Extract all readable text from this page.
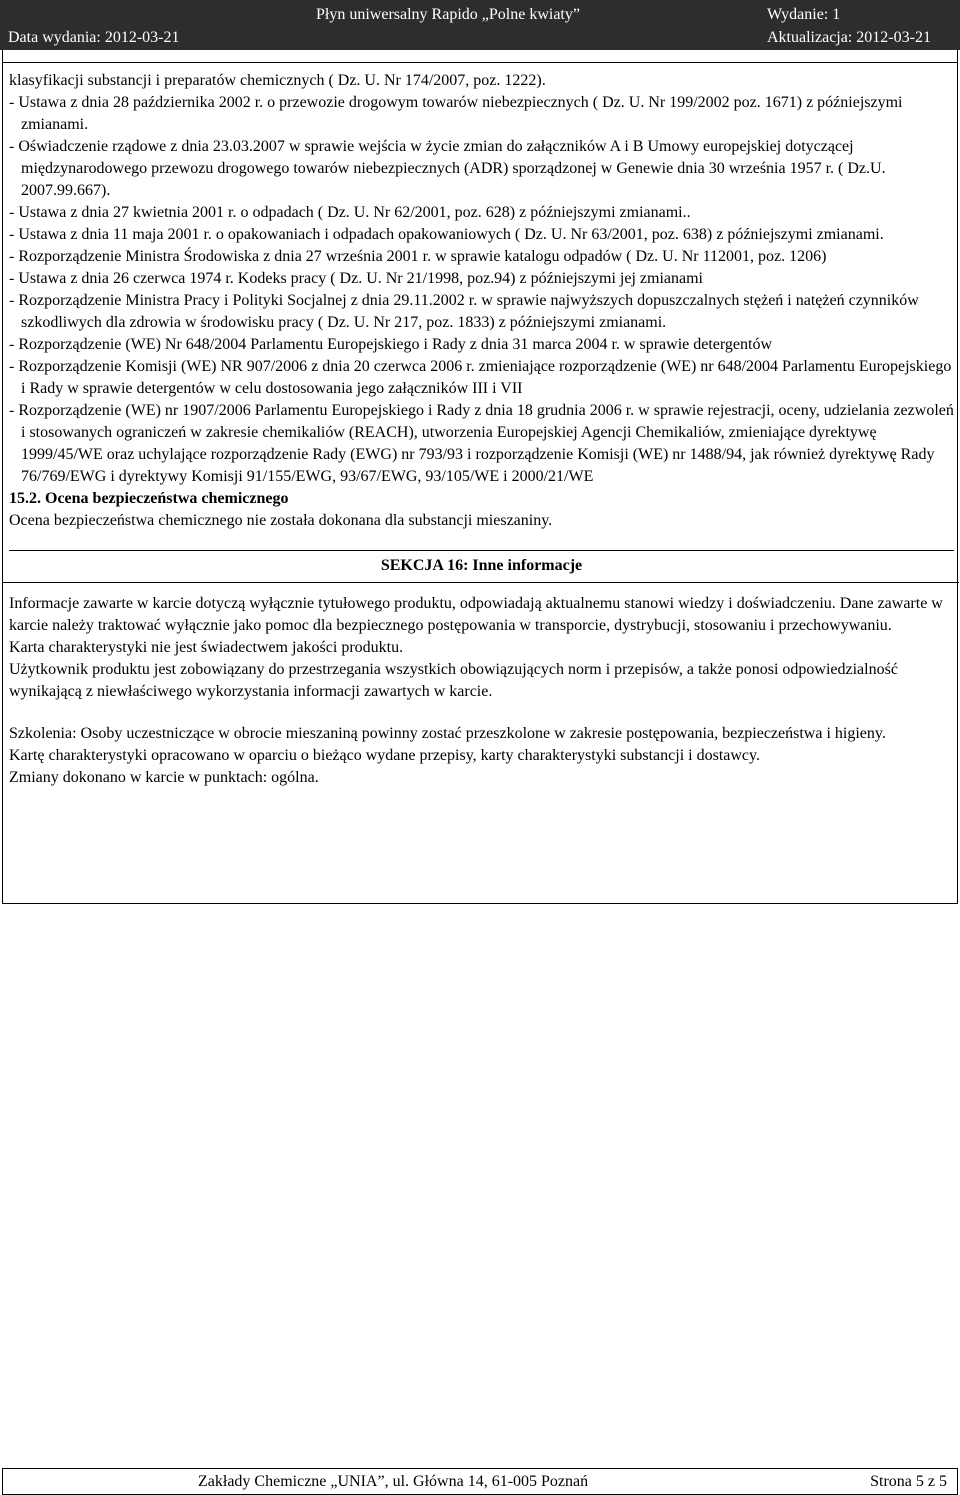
Płyn uniwersalny Rapido „Polne kwiaty”	Wydanie: 1
Data wydania: 2012-03-21	Aktualizacja: 2012-03-21

klasyfikacji substancji i preparatów chemicznych ( Dz. U. Nr 174/2007, poz. 1222).

- Ustawa z dnia 28 października 2002 r. o przewozie drogowym towarów niebezpiecznych ( Dz. U. Nr 199/2002 poz. 1671) z późniejszymi zmianami.

- Oświadczenie rządowe z dnia 23.03.2007 w sprawie wejścia w życie zmian do załączników A i B Umowy europejskiej dotyczącej międzynarodowego przewozu drogowego towarów niebezpiecznych (ADR) sporządzonej w Genewie dnia 30 września 1957 r. ( Dz.U. 2007.99.667).

- Ustawa z dnia 27 kwietnia 2001 r. o odpadach ( Dz. U. Nr 62/2001, poz. 628) z późniejszymi zmianami..

- Ustawa z dnia 11 maja 2001 r. o opakowaniach i odpadach opakowaniowych ( Dz. U. Nr 63/2001, poz. 638) z późniejszymi zmianami.

- Rozporządzenie Ministra Środowiska z dnia 27 września 2001 r. w sprawie katalogu odpadów ( Dz. U. Nr 112001, poz. 1206)

- Ustawa z dnia 26 czerwca 1974 r. Kodeks pracy ( Dz. U. Nr 21/1998, poz.94) z późniejszymi jej zmianami

- Rozporządzenie Ministra Pracy i Polityki Socjalnej z dnia 29.11.2002 r. w sprawie najwyższych dopuszczalnych stężeń i natężeń czynników szkodliwych dla zdrowia w środowisku pracy ( Dz. U. Nr 217, poz. 1833) z późniejszymi zmianami.

- Rozporządzenie (WE) Nr 648/2004 Parlamentu Europejskiego i Rady z dnia 31 marca 2004 r. w sprawie detergentów

- Rozporządzenie Komisji (WE) NR 907/2006 z dnia 20 czerwca 2006 r. zmieniające rozporządzenie (WE) nr 648/2004 Parlamentu Europejskiego i Rady w sprawie detergentów w celu dostosowania jego załączników III i VII

- Rozporządzenie (WE) nr 1907/2006 Parlamentu Europejskiego i Rady z dnia 18 grudnia 2006 r. w sprawie rejestracji, oceny, udzielania zezwoleń i stosowanych ograniczeń w zakresie chemikaliów (REACH), utworzenia Europejskiej Agencji Chemikaliów, zmieniające dyrektywę 1999/45/WE oraz uchylające rozporządzenie Rady (EWG) nr 793/93 i rozporządzenie Komisji (WE) nr 1488/94, jak również dyrektywę Rady 76/769/EWG i dyrektywy Komisji 91/155/EWG, 93/67/EWG, 93/105/WE i 2000/21/WE

15.2. Ocena bezpieczeństwa chemicznego

Ocena bezpieczeństwa chemicznego nie została dokonana dla substancji mieszaniny.

SEKCJA 16: Inne informacje

Informacje zawarte w karcie dotyczą wyłącznie tytułowego produktu, odpowiadają aktualnemu stanowi wiedzy i doświadczeniu. Dane zawarte w karcie należy traktować wyłącznie jako pomoc dla bezpiecznego postępowania w transporcie, dystrybucji, stosowaniu i przechowywaniu.

Karta charakterystyki nie jest świadectwem jakości produktu.

Użytkownik produktu jest zobowiązany do przestrzegania wszystkich obowiązujących norm i przepisów, a także ponosi odpowiedzialność wynikającą z niewłaściwego wykorzystania informacji zawartych w karcie.

Szkolenia: Osoby uczestniczące w obrocie mieszaniną powinny zostać przeszkolone w zakresie postępowania, bezpieczeństwa i higieny.

Kartę charakterystyki opracowano w oparciu o bieżąco wydane przepisy, karty charakterystyki substancji i dostawcy.

Zmiany dokonano w karcie w punktach: ogólna.

Zakłady Chemiczne „UNIA”, ul. Główna 14, 61-005 Poznań	Strona 5 z 5
